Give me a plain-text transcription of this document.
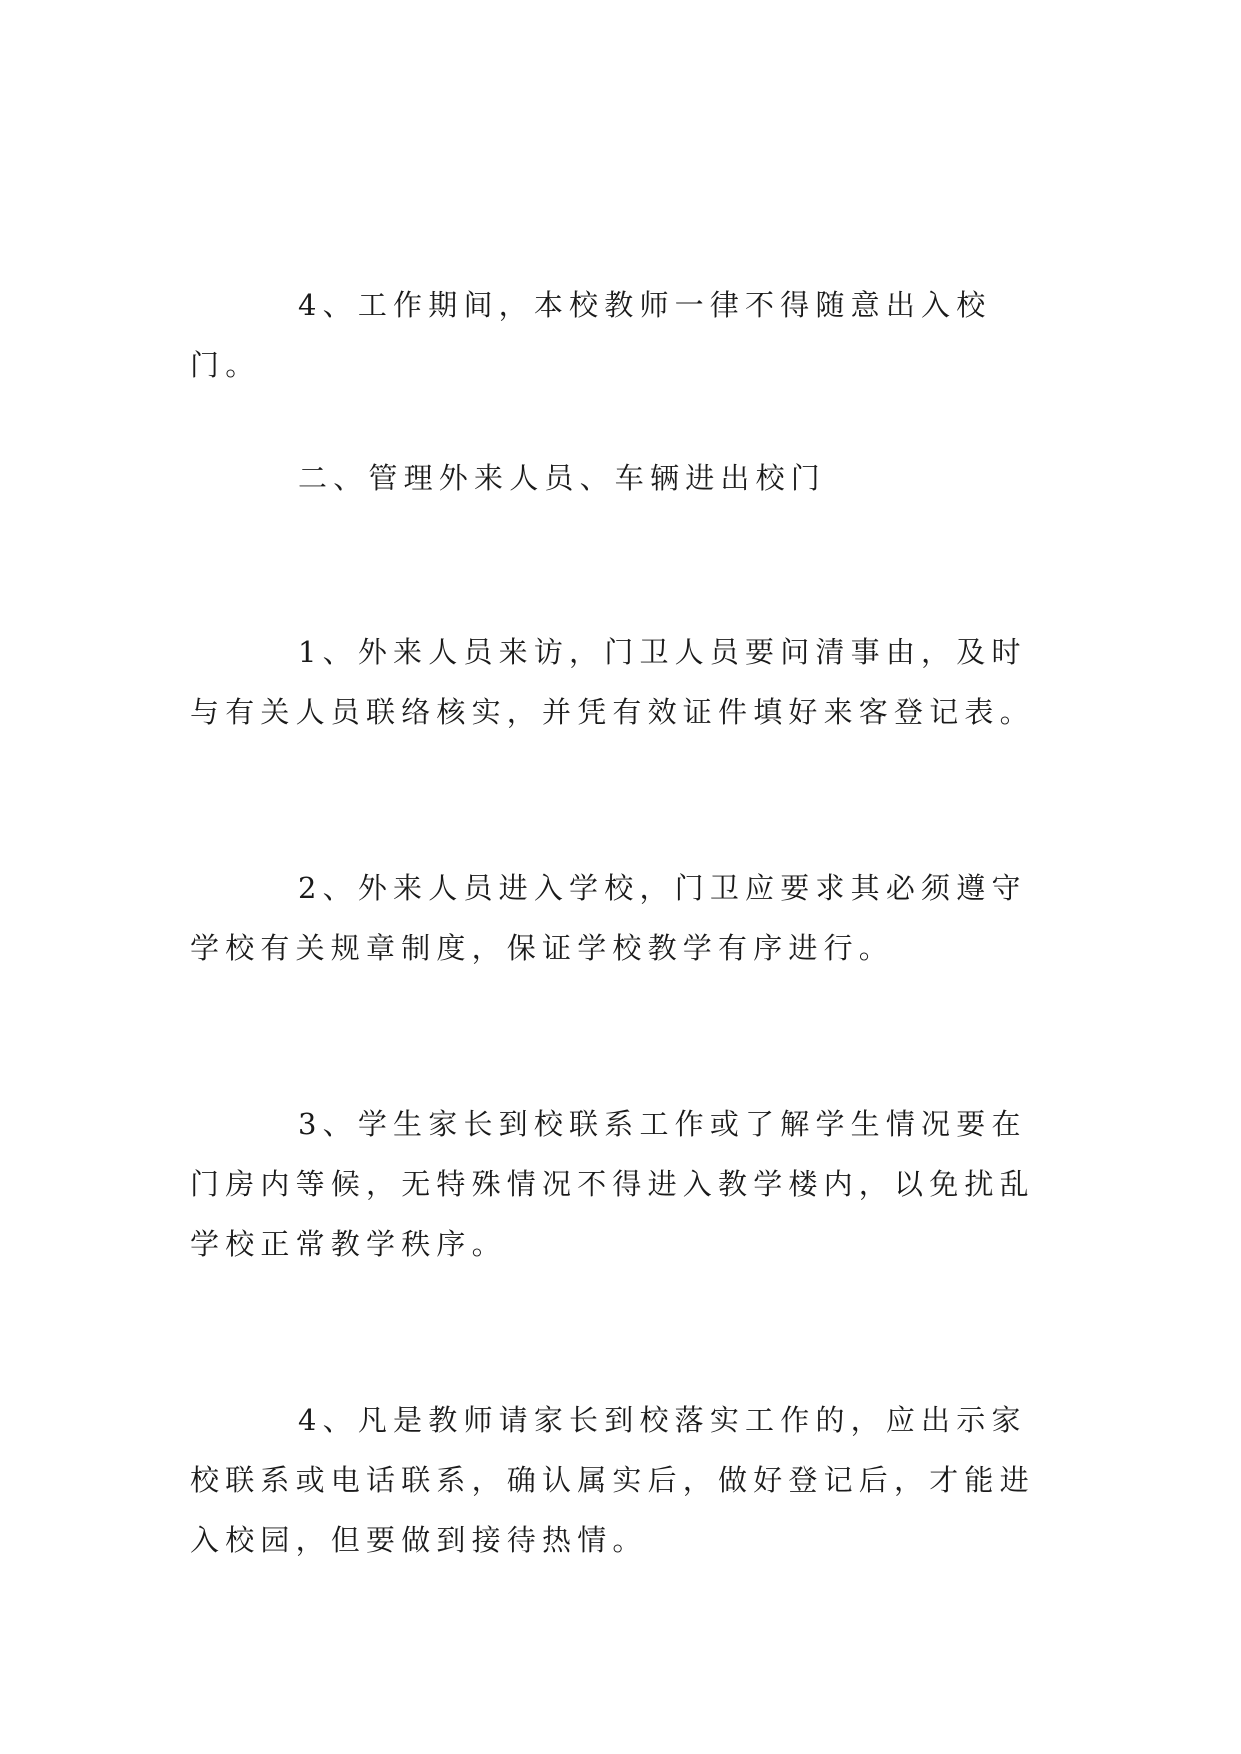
4、工作期间，本校教师一律不得随意出入校门。

二、管理外来人员、车辆进出校门

1、外来人员来访，门卫人员要问清事由，及时与有关人员联络核实，并凭有效证件填好来客登记表。

2、外来人员进入学校，门卫应要求其必须遵守学校有关规章制度，保证学校教学有序进行。

3、学生家长到校联系工作或了解学生情况要在门房内等候，无特殊情况不得进入教学楼内，以免扰乱学校正常教学秩序。

4、凡是教师请家长到校落实工作的，应出示家校联系或电话联系，确认属实后，做好登记后，才能进入校园，但要做到接待热情。
